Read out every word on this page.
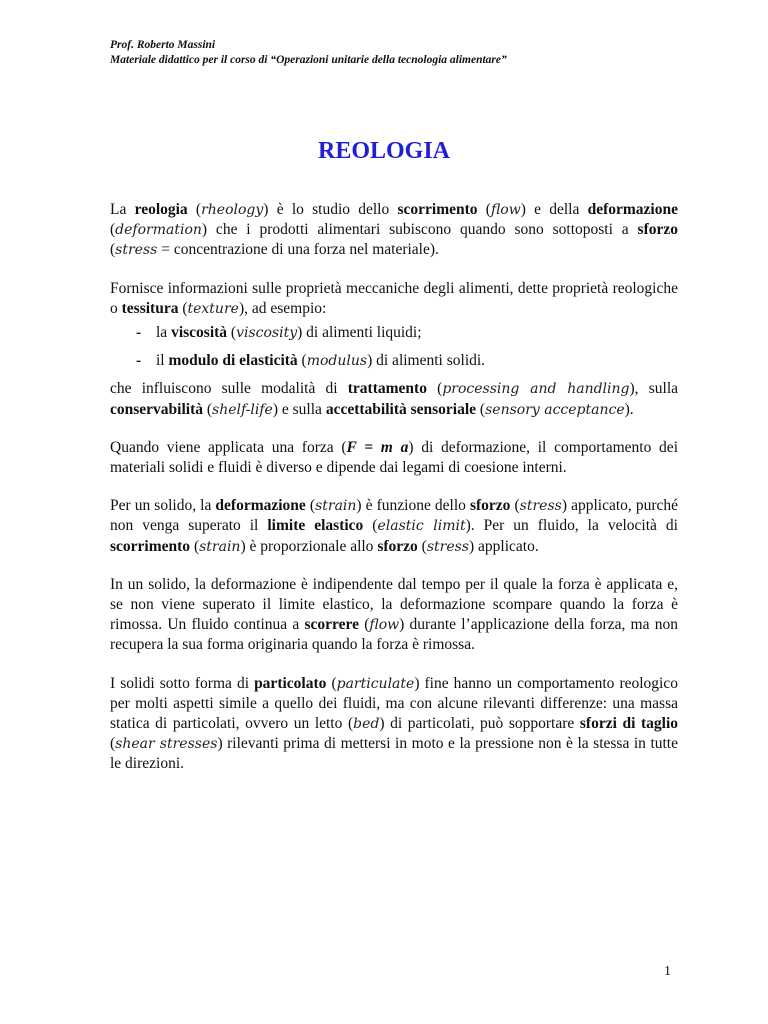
Prof. Roberto Massini
Materiale didattico per il corso di “Operazioni unitarie della tecnologia alimentare”
REOLOGIA

La reologia (rheology) è lo studio dello scorrimento (flow) e della deformazione (deformation) che i prodotti alimentari subiscono quando sono sottoposti a sforzo (stress = concentrazione di una forza nel materiale).

Fornisce informazioni sulle proprietà meccaniche degli alimenti, dette proprietà reologiche o tessitura (texture), ad esempio:

- la viscosità (viscosity) di alimenti liquidi;
- il modulo di elasticità (modulus) di alimenti solidi.

che influiscono sulle modalità di trattamento (processing and handling), sulla conservabilità (shelf-life) e sulla accettabilità sensoriale (sensory acceptance).

Quando viene applicata una forza (F = m a) di deformazione, il comportamento dei materiali solidi e fluidi è diverso e dipende dai legami di coesione interni.

Per un solido, la deformazione (strain) è funzione dello sforzo (stress) applicato, purché non venga superato il limite elastico (elastic limit). Per un fluido, la velocità di scorrimento (strain) è proporzionale allo sforzo (stress) applicato.

In un solido, la deformazione è indipendente dal tempo per il quale la forza è applicata e, se non viene superato il limite elastico, la deformazione scompare quando la forza è rimossa. Un fluido continua a scorrere (flow) durante l’applicazione della forza, ma non recupera la sua forma originaria quando la forza è rimossa.

I solidi sotto forma di particolato (particulate) fine hanno un comportamento reologico per molti aspetti simile a quello dei fluidi, ma con alcune rilevanti differenze: una massa statica di particolati, ovvero un letto (bed) di particolati, può sopportare sforzi di taglio (shear stresses) rilevanti prima di mettersi in moto e la pressione non è la stessa in tutte le direzioni.

1
